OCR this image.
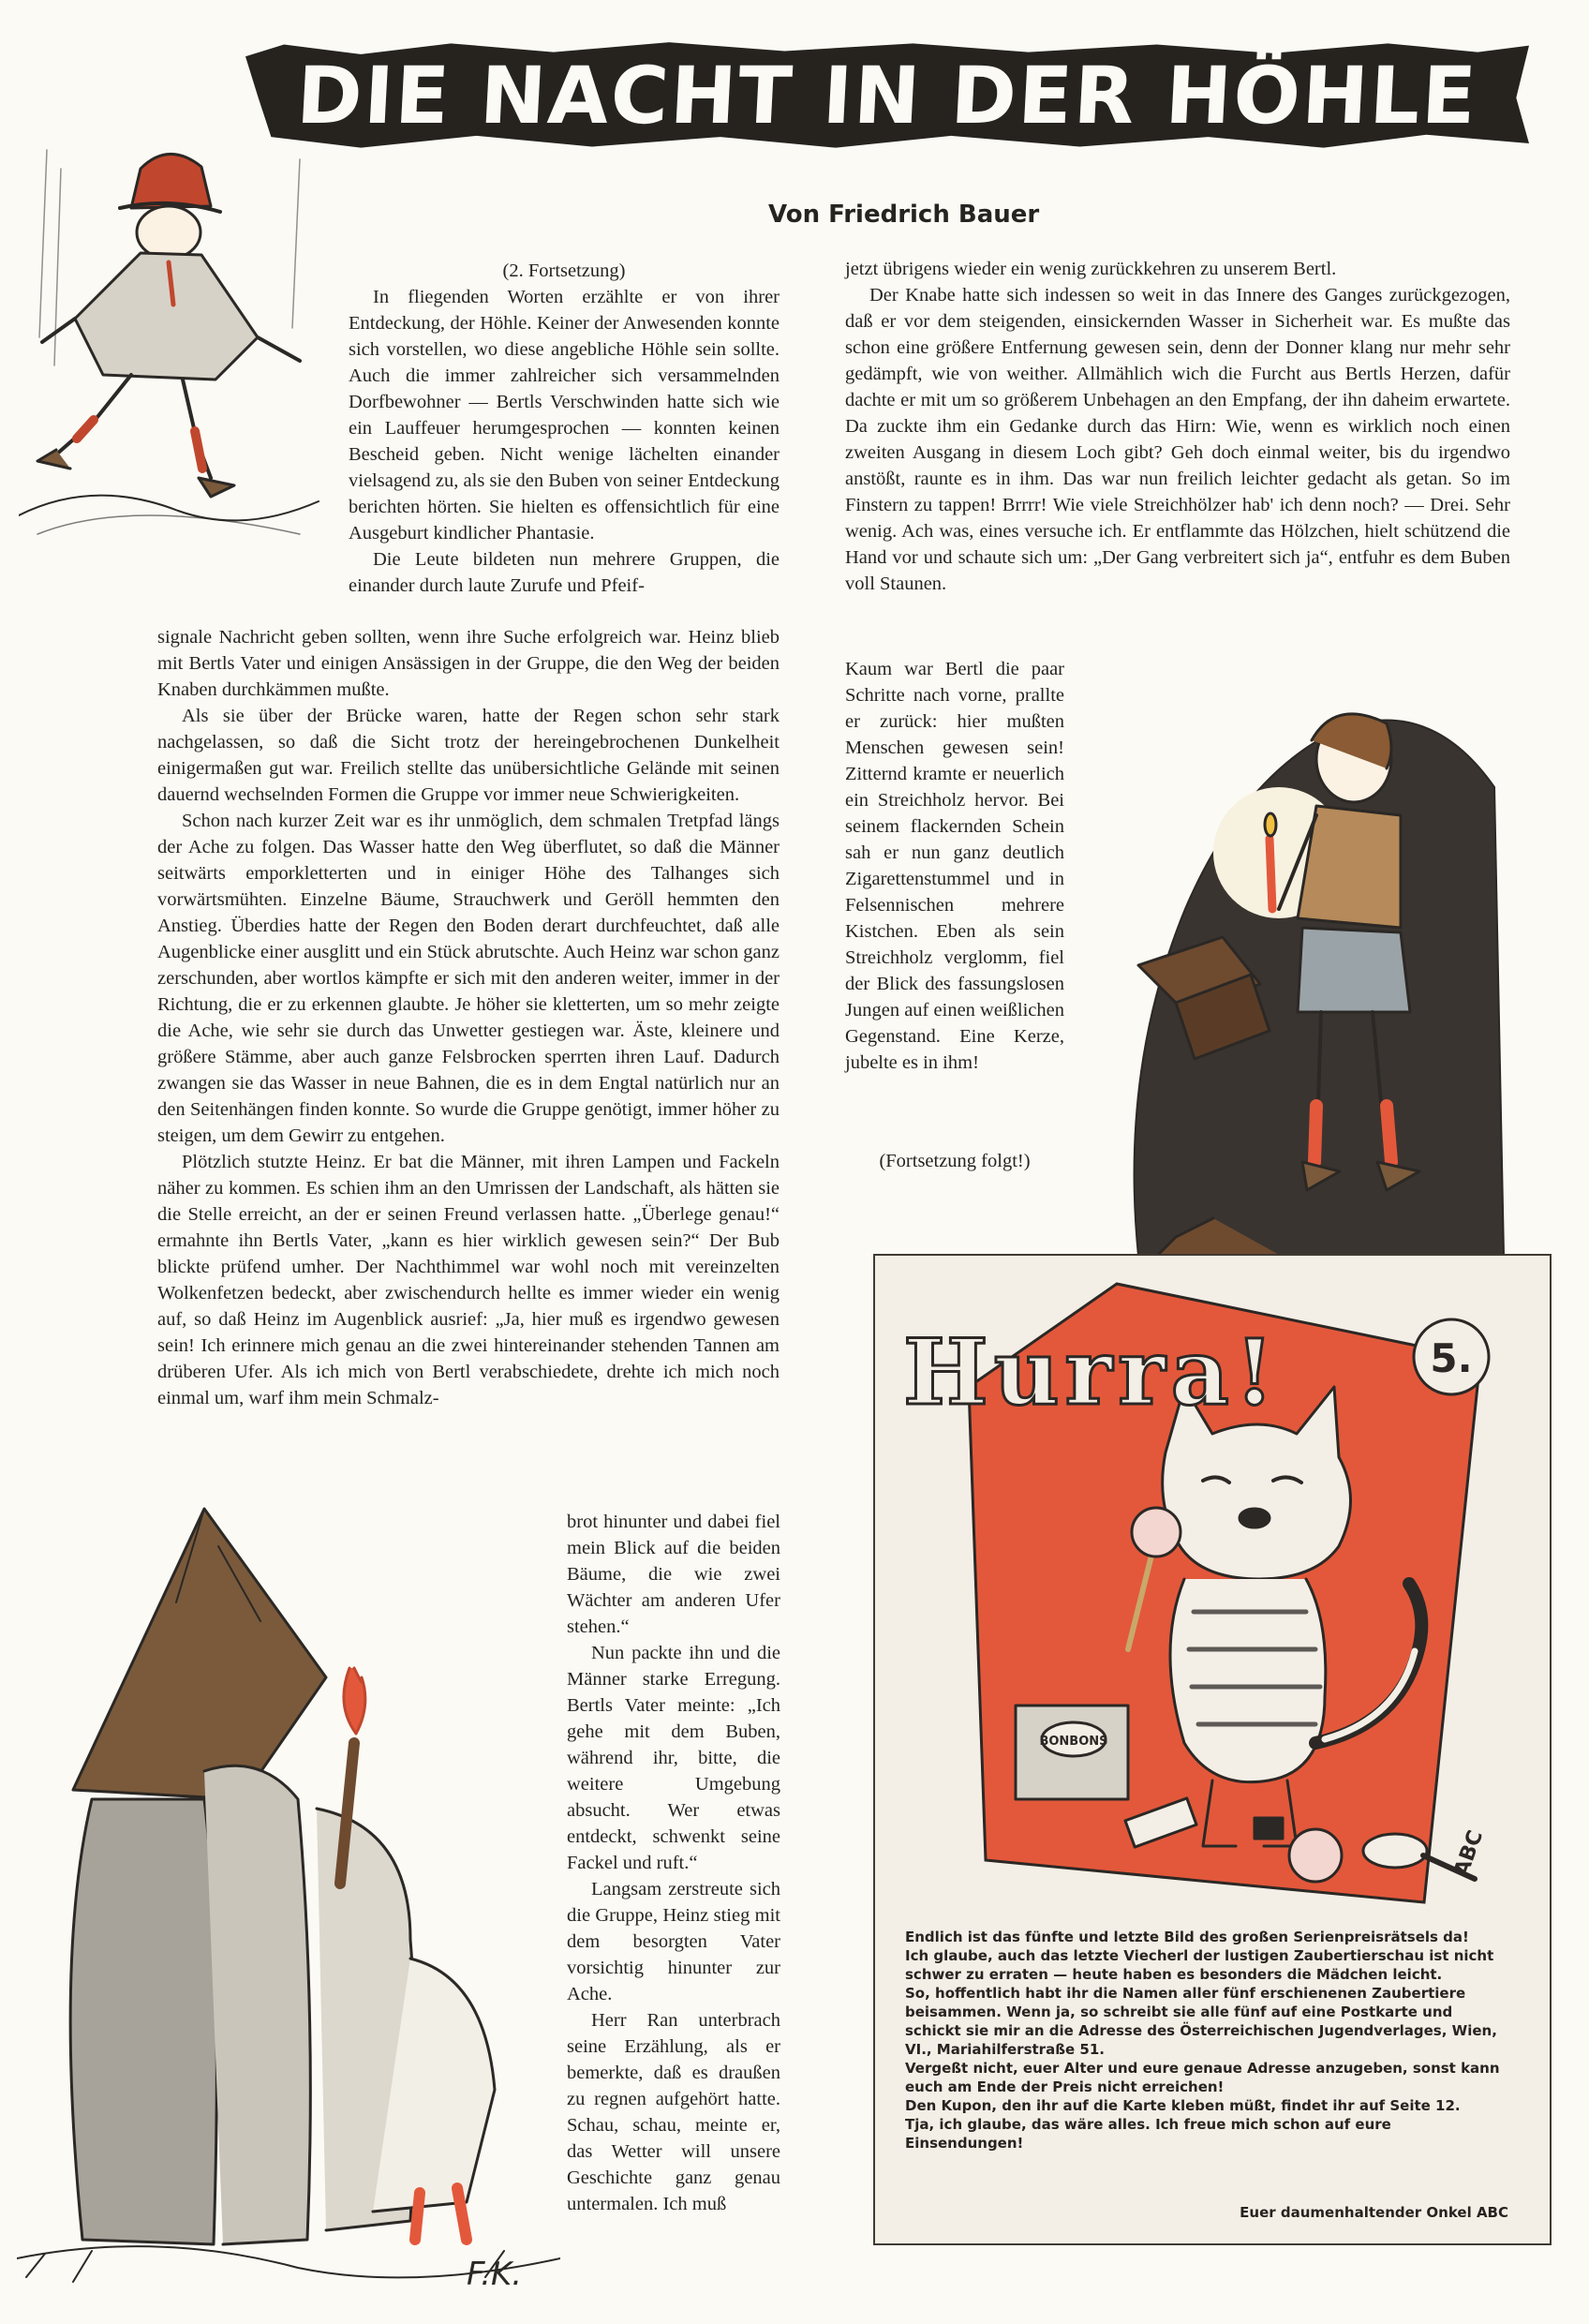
DIE NACHT IN DER HÖHLE
Von Friedrich Bauer
F.K.

(2. Fortsetzung)

In fliegenden Worten erzählte er von ihrer Entdeckung, der Höhle. Keiner der Anwesenden konnte sich vorstellen, wo diese angebliche Höhle sein sollte. Auch die immer zahlreicher sich versammelnden Dorfbewohner — Bertls Verschwinden hatte sich wie ein Lauffeuer herumgesprochen — konnten keinen Bescheid geben. Nicht wenige lächelten einander vielsagend zu, als sie den Buben von seiner Entdeckung berichten hörten. Sie hielten es offensichtlich für eine Ausgeburt kindlicher Phantasie.

Die Leute bildeten nun mehrere Gruppen, die einander durch laute Zurufe und Pfeif-

signale Nachricht geben sollten, wenn ihre Suche erfolgreich war. Heinz blieb mit Bertls Vater und einigen Ansässigen in der Gruppe, die den Weg der beiden Knaben durchkämmen mußte.

Als sie über der Brücke waren, hatte der Regen schon sehr stark nachgelassen, so daß die Sicht trotz der hereingebrochenen Dunkelheit einigermaßen gut war. Freilich stellte das unübersichtliche Gelände mit seinen dauernd wechselnden Formen die Gruppe vor immer neue Schwierigkeiten.

Schon nach kurzer Zeit war es ihr unmöglich, dem schmalen Tretpfad längs der Ache zu folgen. Das Wasser hatte den Weg überflutet, so daß die Männer seitwärts emporkletterten und in einiger Höhe des Talhanges sich vorwärtsmühten. Einzelne Bäume, Strauchwerk und Geröll hemmten den Anstieg. Überdies hatte der Regen den Boden derart durchfeuchtet, daß alle Augenblicke einer ausglitt und ein Stück abrutschte. Auch Heinz war schon ganz zerschunden, aber wortlos kämpfte er sich mit den anderen weiter, immer in der Richtung, die er zu erkennen glaubte. Je höher sie kletterten, um so mehr zeigte die Ache, wie sehr sie durch das Unwetter gestiegen war. Äste, kleinere und größere Stämme, aber auch ganze Felsbrocken sperrten ihren Lauf. Dadurch zwangen sie das Wasser in neue Bahnen, die es in dem Engtal natürlich nur an den Seitenhängen finden konnte. So wurde die Gruppe genötigt, immer höher zu steigen, um dem Gewirr zu entgehen.

Plötzlich stutzte Heinz. Er bat die Männer, mit ihren Lampen und Fackeln näher zu kommen. Es schien ihm an den Umrissen der Landschaft, als hätten sie die Stelle erreicht, an der er seinen Freund verlassen hatte. „Überlege genau!“ ermahnte ihn Bertls Vater, „kann es hier wirklich gewesen sein?“ Der Bub blickte prüfend umher. Der Nachthimmel war wohl noch mit vereinzelten Wolkenfetzen bedeckt, aber zwischendurch hellte es immer wieder ein wenig auf, so daß Heinz im Augenblick ausrief: „Ja, hier muß es irgendwo gewesen sein! Ich erinnere mich genau an die zwei hintereinander stehenden Tannen am drüberen Ufer. Als ich mich von Bertl verabschiedete, drehte ich mich noch einmal um, warf ihm mein Schmalz-

brot hinunter und dabei fiel mein Blick auf die beiden Bäume, die wie zwei Wächter am anderen Ufer stehen.“

Nun packte ihn und die Männer starke Erregung. Bertls Vater meinte: „Ich gehe mit dem Buben, während ihr, bitte, die weitere Umgebung absucht. Wer etwas entdeckt, schwenkt seine Fackel und ruft.“

Langsam zerstreute sich die Gruppe, Heinz stieg mit dem besorgten Vater vorsichtig hinunter zur Ache.

Herr Ran unterbrach seine Erzählung, als er bemerkte, daß es draußen zu regnen aufgehört hatte. Schau, schau, meinte er, das Wetter will unsere Geschichte ganz genau untermalen. Ich muß

jetzt übrigens wieder ein wenig zurückkehren zu unserem Bertl.

Der Knabe hatte sich indessen so weit in das Innere des Ganges zurückgezogen, daß er vor dem steigenden, einsickernden Wasser in Sicherheit war. Es mußte das schon eine größere Entfernung gewesen sein, denn der Donner klang nur mehr sehr gedämpft, wie von weither. Allmählich wich die Furcht aus Bertls Herzen, dafür dachte er mit um so größerem Unbehagen an den Empfang, der ihn daheim erwartete. Da zuckte ihm ein Gedanke durch das Hirn: Wie, wenn es wirklich noch einen zweiten Ausgang in diesem Loch gibt? Geh doch einmal weiter, bis du irgendwo anstößt, raunte es in ihm. Das war nun freilich leichter gedacht als getan. So im Finstern zu tappen! Brrrr! Wie viele Streichhölzer hab' ich denn noch? — Drei. Sehr wenig. Ach was, eines versuche ich. Er entflammte das Hölzchen, hielt schützend die Hand vor und schaute sich um: „Der Gang verbreitert sich ja“, entfuhr es dem Buben voll Staunen.

Kaum war Bertl die paar Schritte nach vorne, prallte er zurück: hier mußten Menschen gewesen sein! Zitternd kramte er neuerlich ein Streichholz hervor. Bei seinem flackernden Schein sah er nun ganz deutlich Zigarettenstummel und in Felsennischen mehrere Kistchen. Eben als sein Streichholz verglomm, fiel der Blick des fassungslosen Jungen auf einen weißlichen Gegenstand. Eine Kerze, jubelte es in ihm!

(Fortsetzung folgt!)
BONBONS
ABC
Hurra!	5.

Endlich ist das fünfte und letzte Bild des großen Serienpreisrätsels da!

Ich glaube, auch das letzte Viecherl der lustigen Zaubertierschau ist nicht schwer zu erraten — heute haben es besonders die Mädchen leicht.

So, hoffentlich habt ihr die Namen aller fünf erschienenen Zaubertiere beisammen. Wenn ja, so schreibt sie alle fünf auf eine Postkarte und schickt sie mir an die Adresse des Österreichischen Jugendverlages, Wien, VI., Mariahilferstraße 51.

Vergeßt nicht, euer Alter und eure genaue Adresse anzugeben, sonst kann euch am Ende der Preis nicht erreichen!

Den Kupon, den ihr auf die Karte kleben müßt, findet ihr auf Seite 12.

Tja, ich glaube, das wäre alles. Ich freue mich schon auf eure Einsendungen!

Euer daumenhaltender Onkel ABC
